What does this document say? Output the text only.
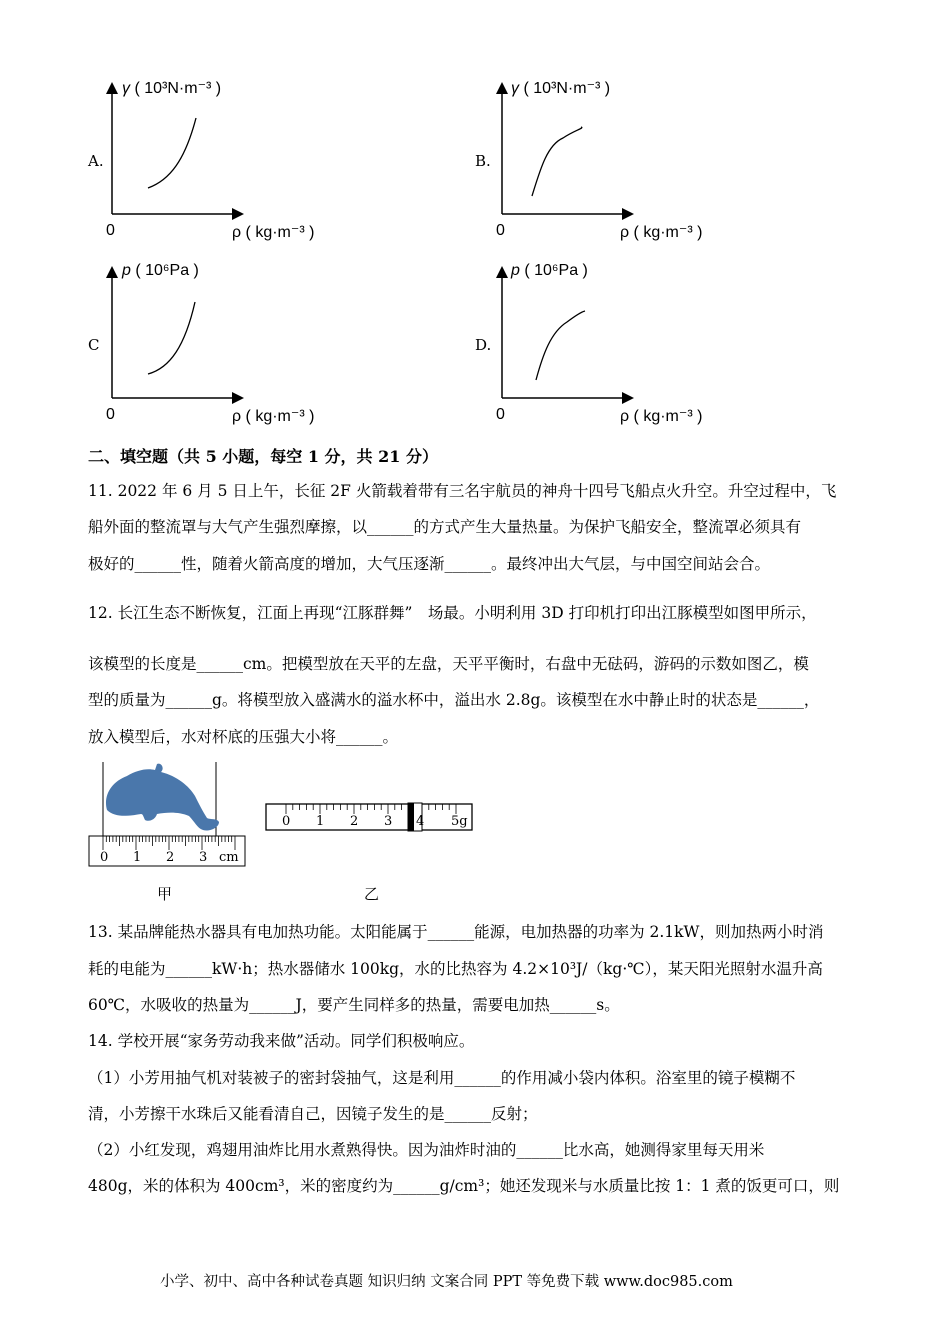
A.
γ ( 10³N·m⁻³ )
0	ρ ( kg·m⁻³ )
B.
γ ( 10³N·m⁻³ )
0	ρ ( kg·m⁻³ )
C
p ( 10⁶Pa )
0	ρ ( kg·m⁻³ )
D.
p ( 10⁶Pa )
0	ρ ( kg·m⁻³ )
二、填空题（共 5 小题，每空 1 分，共 21 分）
11. 2022 年 6 月 5 日上午，长征 2F 火箭载着带有三名宇航员的神舟十四号飞船点火升空。升空过程中，飞
船外面的整流罩与大气产生强烈摩擦，以______的方式产生大量热量。为保护飞船安全，整流罩必须具有
极好的______性，随着火箭高度的增加，大气压逐渐______。最终冲出大气层，与中国空间站会合。
12. 长江生态不断恢复，江面上再现“江豚群舞”　场最。小明利用 3D 打印机打印出江豚模型如图甲所示，
该模型的长度是______cm。把模型放在天平的左盘，天平平衡时，右盘中无砝码，游码的示数如图乙，模
型的质量为______g。将模型放入盛满水的溢水杯中，溢出水 2.8g。该模型在水中静止时的状态是______，
放入模型后，水对杯底的压强大小将______。
0 1 2 3 cm
甲
0 1 2 3 4 5g
乙
13. 某品牌能热水器具有电加热功能。太阳能属于______能源，电加热器的功率为 2.1kW，则加热两小时消
耗的电能为______kW·h；热水器储水 100kg，水的比热容为 4.2×10³J/（kg·℃），某天阳光照射水温升高
60℃，水吸收的热量为______J，要产生同样多的热量，需要电加热______s。
14. 学校开展“家务劳动我来做”活动。同学们积极响应。
（1）小芳用抽气机对装被子的密封袋抽气，这是利用______的作用减小袋内体积。浴室里的镜子模糊不
清，小芳擦干水珠后又能看清自己，因镜子发生的是______反射；
（2）小红发现，鸡翅用油炸比用水煮熟得快。因为油炸时油的______比水高，她测得家里每天用米
480g，米的体积为 400cm³，米的密度约为______g/cm³；她还发现米与水质量比按 1：1 煮的饭更可口，则
小学、初中、高中各种试卷真题 知识归纳 文案合同 PPT 等免费下载 www.doc985.com
